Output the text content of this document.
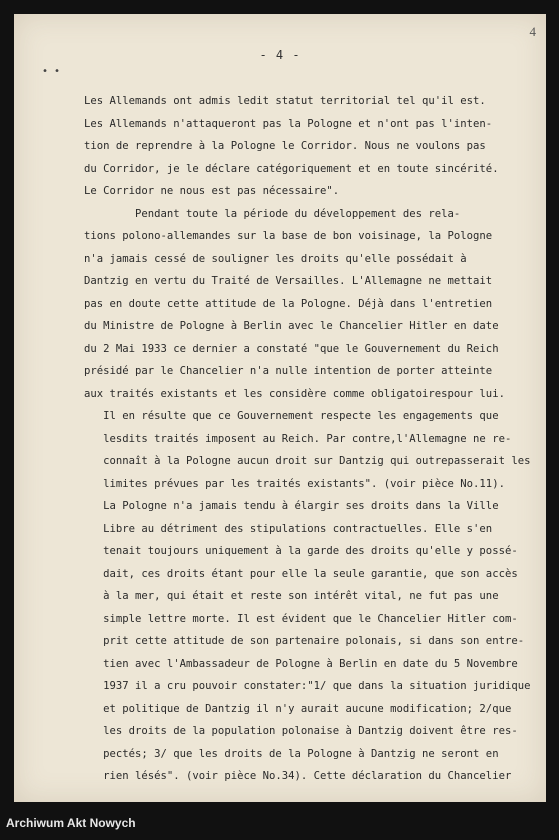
4
- 4 -
• •
Les Allemands ont admis ledit statut territorial tel qu'il est.
Les Allemands n'attaqueront pas la Pologne et n'ont pas l'inten-
tion de reprendre à la Pologne le Corridor. Nous ne voulons pas
du Corridor, je le déclare catégoriquement et en toute sincérité.
Le Corridor ne nous est pas nécessaire".
Pendant toute la période du développement des rela-
tions polono-allemandes sur la base de bon voisinage, la Pologne
n'a jamais cessé de souligner les droits qu'elle possédait à
Dantzig en vertu du Traité de Versailles. L'Allemagne ne mettait
pas en doute cette attitude de la Pologne. Déjà dans l'entretien
du Ministre de Pologne à Berlin avec le Chancelier Hitler en date
du 2 Mai 1933 ce dernier a constaté "que le Gouvernement du Reich
présidé par le Chancelier n'a nulle intention de porter atteinte
aux traités existants et les considère comme obligatoirespour lui.
Il en résulte que ce Gouvernement respecte les engagements que
lesdits traités imposent au Reich. Par contre,l'Allemagne ne re-
connaît à la Pologne aucun droit sur Dantzig qui outrepasserait les
limites prévues par les traités existants". (voir pièce No.11).
La Pologne n'a jamais tendu à élargir ses droits dans la Ville
Libre au détriment des stipulations contractuelles. Elle s'en
tenait toujours uniquement à la garde des droits qu'elle y possé-
dait, ces droits étant pour elle la seule garantie, que son accès
à la mer, qui était et reste son intérêt vital, ne fut pas une
simple lettre morte. Il est évident que le Chancelier Hitler com-
prit cette attitude de son partenaire polonais, si dans son entre-
tien avec l'Ambassadeur de Pologne à Berlin en date du 5 Novembre
1937 il a cru pouvoir constater:"1/ que dans la situation juridique
et politique de Dantzig il n'y aurait aucune modification; 2/que
les droits de la population polonaise à Dantzig doivent être res-
pectés; 3/ que les droits de la Pologne à Dantzig ne seront en
rien lésés". (voir pièce No.34). Cette déclaration du Chancelier
Archiwum Akt Nowych
